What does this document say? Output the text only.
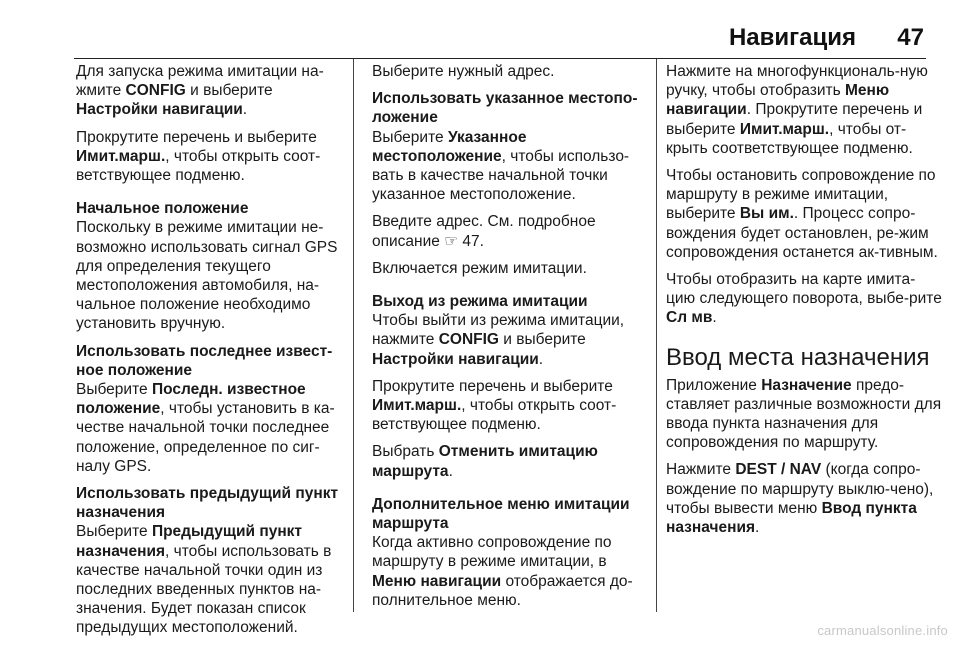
Навигация 47

Для запуска режима имитации на-жмите CONFIG и выберите Настройки навигации.

Прокрутите перечень и выберите Имит.марш., чтобы открыть соот-ветствующее подменю.

Начальное положение

Поскольку в режиме имитации не-возможно использовать сигнал GPS для определения текущего местоположения автомобиля, на-чальное положение необходимо установить вручную.

Использовать последнее извест-ное положение

Выберите Последн. известное положение, чтобы установить в ка-честве начальной точки последнее положение, определенное по сиг-налу GPS.

Использовать предыдущий пункт назначения

Выберите Предыдущий пункт назначения, чтобы использовать в качестве начальной точки один из последних введенных пунктов на-значения. Будет показан список предыдущих местоположений.

Выберите нужный адрес.

Использовать указанное местопо-ложение

Выберите Указанное местоположение, чтобы использо-вать в качестве начальной точки указанное местоположение.

Введите адрес. См. подробное описание ☞ 47.

Включается режим имитации.

Выход из режима имитации

Чтобы выйти из режима имитации, нажмите CONFIG и выберите Настройки навигации.

Прокрутите перечень и выберите Имит.марш., чтобы открыть соот-ветствующее подменю.

Выбрать Отменить имитацию маршрута.

Дополнительное меню имитации маршрута

Когда активно сопровождение по маршруту в режиме имитации, в Меню навигации отображается до-полнительное меню.

Нажмите на многофункциональ-ную ручку, чтобы отобразить Меню навигации. Прокрутите перечень и выберите Имит.марш., чтобы от-крыть соответствующее подменю.

Чтобы остановить сопровождение по маршруту в режиме имитации, выберите Вы им.. Процесс сопро-вождения будет остановлен, ре-жим сопровождения останется ак-тивным.

Чтобы отобразить на карте имита-цию следующего поворота, выбе-рите Сл мв.

Ввод места назначения

Приложение Назначение предо-ставляет различные возможности для ввода пункта назначения для сопровождения по маршруту.

Нажмите DEST / NAV (когда сопро-вождение по маршруту выклю-чено), чтобы вывести меню Ввод пункта назначения.

carmanualsonline.info
